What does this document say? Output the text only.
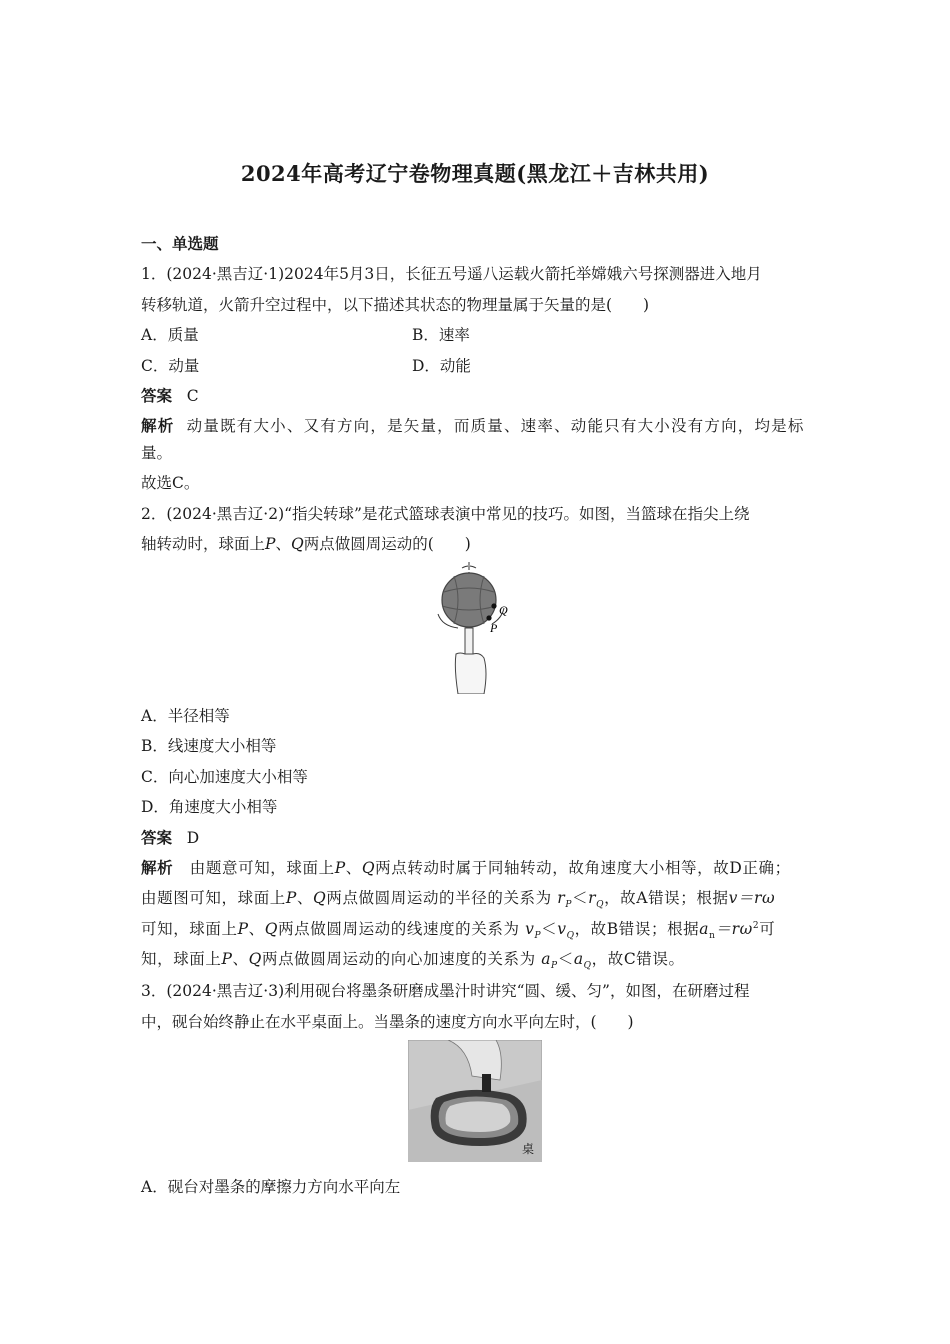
2024年高考辽宁卷物理真题(黑龙江＋吉林共用)
一、单选题
1．(2024·黑吉辽·1)2024年5月3日，长征五号遥八运载火箭托举嫦娥六号探测器进入地月
转移轨道，火箭升空过程中，以下描述其状态的物理量属于矢量的是(　　)
A．质量	B．速率
C．动量	D．动能
答案 C
解析 动量既有大小、又有方向，是矢量，而质量、速率、动能只有大小没有方向，均是标
量。
故选C。
2．(2024·黑吉辽·2)“指尖转球”是花式篮球表演中常见的技巧。如图，当篮球在指尖上绕
轴转动时，球面上P、Q两点做圆周运动的(　　)
Q
P
A．半径相等
B．线速度大小相等
C．向心加速度大小相等
D．角速度大小相等
答案 D
解析 由题意可知，球面上P、Q两点转动时属于同轴转动，故角速度大小相等，故D正确；
由题图可知，球面上P、Q两点做圆周运动的半径的关系为 $r_P<r_Q$，故A错误；根据v＝rω
可知，球面上P、Q两点做圆周运动的线速度的关系为 $v_P<v_Q$，故B错误；根据$a_n=r\omega^2$可
知，球面上P、Q两点做圆周运动的向心加速度的关系为 $a_P<a_Q$，故C错误。
3．(2024·黑吉辽·3)利用砚台将墨条研磨成墨汁时讲究“圆、缓、匀”，如图，在研磨过程
中，砚台始终静止在水平桌面上。当墨条的速度方向水平向左时，(　　)
桌
A．砚台对墨条的摩擦力方向水平向左
